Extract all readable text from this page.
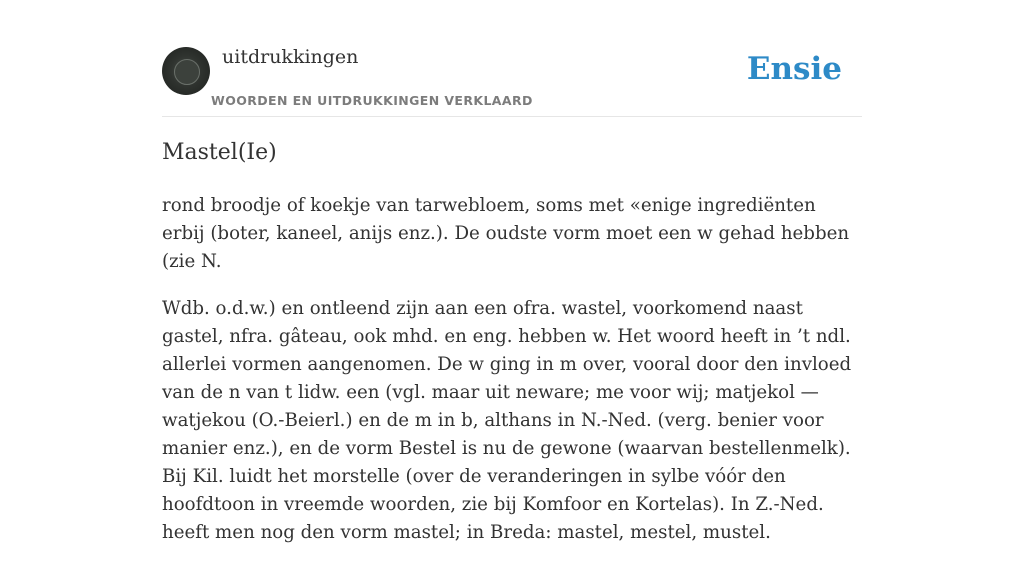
uitdrukkingen
WOORDEN EN UITDRUKKINGEN VERKLAARD
Ensie
Mastel(Ie)

rond broodje of koekje van tarwebloem, soms met «enige ingrediënten erbij (boter, kaneel, anijs enz.). De oudste vorm moet een w gehad hebben (zie N.

Wdb. o.d.w.) en ontleend zijn aan een ofra. wastel, voorkomend naast gastel, nfra. gâteau, ook mhd. en eng. hebben w. Het woord heeft in ’t ndl. allerlei vormen aangenomen. De w ging in m over, vooral door den invloed van de n van t lidw. een (vgl. maar uit neware; me voor wij; matjekol — watjekou (O.-Beierl.) en de m in b, althans in N.-Ned. (verg. benier voor manier enz.), en de vorm Bestel is nu de gewone (waarvan bestellenmelk). Bij Kil. luidt het morstelle (over de veranderingen in sylbe vóór den hoofdtoon in vreemde woorden, zie bij Komfoor en Kortelas). In Z.-Ned. heeft men nog den vorm mastel; in Breda: mastel, mestel, mustel.
